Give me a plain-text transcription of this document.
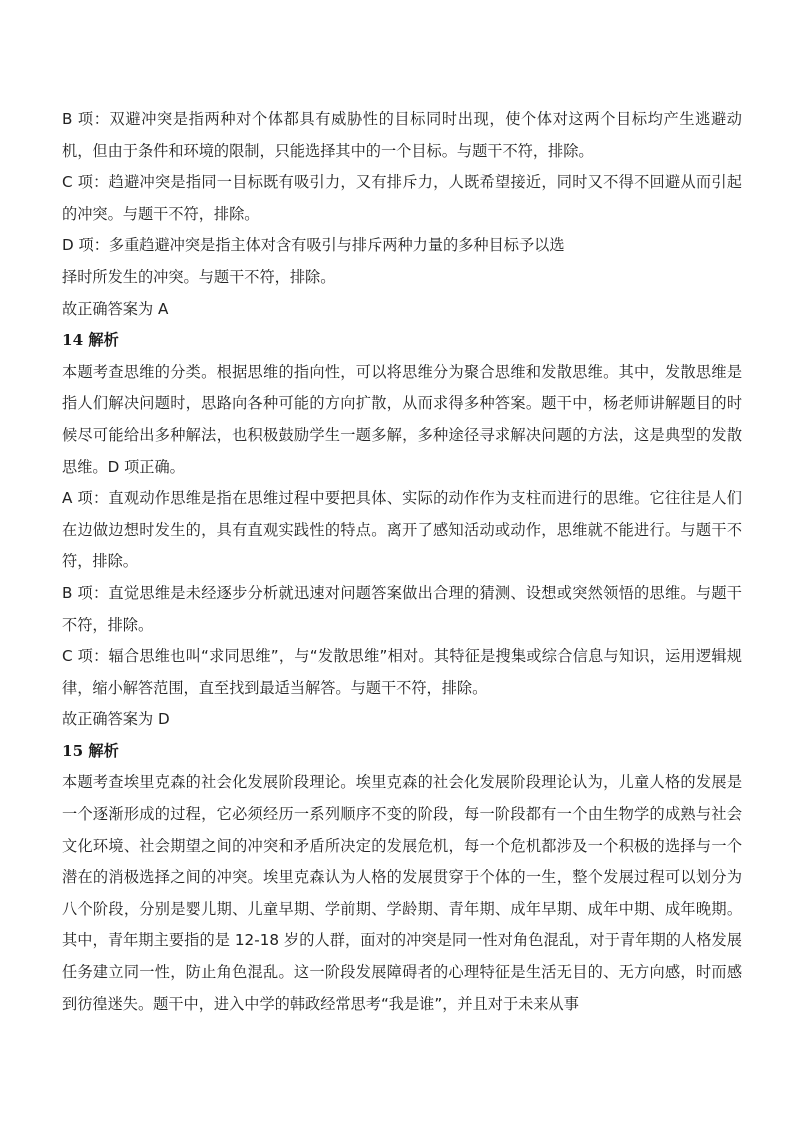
B 项：双避冲突是指两种对个体都具有威胁性的目标同时出现，使个体对这两个目标均产生逃避动机，但由于条件和环境的限制，只能选择其中的一个目标。与题干不符，排除。

C 项：趋避冲突是指同一目标既有吸引力，又有排斥力，人既希望接近，同时又不得不回避从而引起的冲突。与题干不符，排除。

D 项：多重趋避冲突是指主体对含有吸引与排斥两种力量的多种目标予以选

择时所发生的冲突。与题干不符，排除。

故正确答案为 A

14 解析

本题考查思维的分类。根据思维的指向性，可以将思维分为聚合思维和发散思维。其中，发散思维是指人们解决问题时，思路向各种可能的方向扩散，从而求得多种答案。题干中，杨老师讲解题目的时候尽可能给出多种解法，也积极鼓励学生一题多解，多种途径寻求解决问题的方法，这是典型的发散思维。D 项正确。

A 项：直观动作思维是指在思维过程中要把具体、实际的动作作为支柱而进行的思维。它往往是人们在边做边想时发生的，具有直观实践性的特点。离开了感知活动或动作，思维就不能进行。与题干不符，排除。

B 项：直觉思维是未经逐步分析就迅速对问题答案做出合理的猜测、设想或突然领悟的思维。与题干不符，排除。

C 项：辐合思维也叫“求同思维”，与“发散思维”相对。其特征是搜集或综合信息与知识，运用逻辑规律，缩小解答范围，直至找到最适当解答。与题干不符，排除。

故正确答案为 D

15 解析

本题考查埃里克森的社会化发展阶段理论。埃里克森的社会化发展阶段理论认为，儿童人格的发展是一个逐渐形成的过程，它必须经历一系列顺序不变的阶段，每一阶段都有一个由生物学的成熟与社会文化环境、社会期望之间的冲突和矛盾所决定的发展危机，每一个危机都涉及一个积极的选择与一个潜在的消极选择之间的冲突。埃里克森认为人格的发展贯穿于个体的一生，整个发展过程可以划分为八个阶段，分别是婴儿期、儿童早期、学前期、学龄期、青年期、成年早期、成年中期、成年晚期。其中，青年期主要指的是 12-18 岁的人群，面对的冲突是同一性对角色混乱，对于青年期的人格发展任务建立同一性，防止角色混乱。这一阶段发展障碍者的心理特征是生活无目的、无方向感，时而感到彷徨迷失。题干中，进入中学的韩政经常思考“我是谁”，并且对于未来从事
